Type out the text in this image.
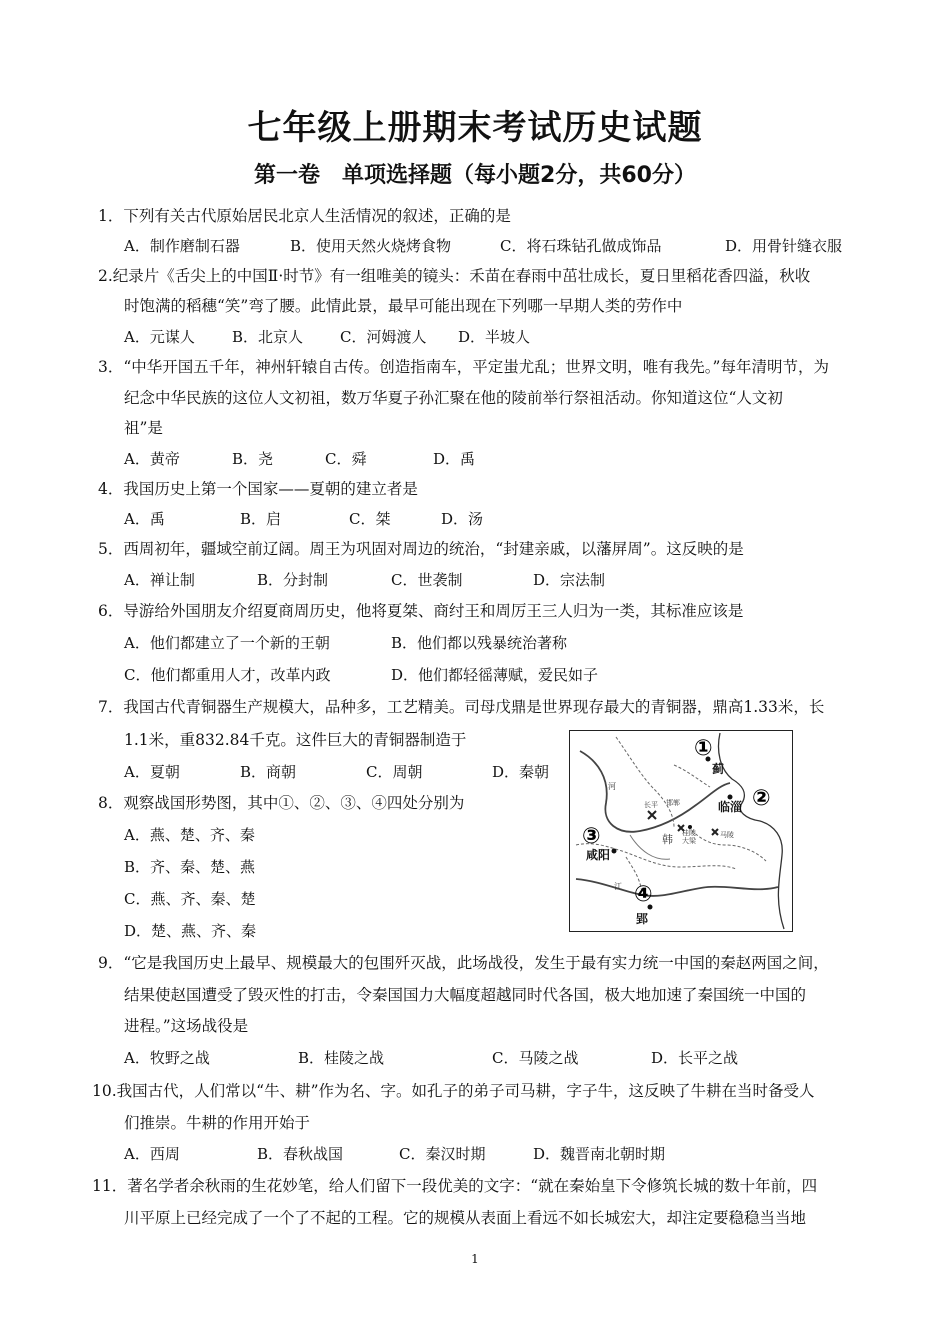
七年级上册期末考试历史试题
第一卷　单项选择题（每小题2分，共60分）
1．下列有关古代原始居民北京人生活情况的叙述，正确的是
A．制作磨制石器	B．使用天然火烧烤食物	C．将石珠钻孔做成饰品	D．用骨针缝衣服
2.纪录片《舌尖上的中国Ⅱ·时节》有一组唯美的镜头：禾苗在春雨中茁壮成长，夏日里稻花香四溢，秋收
时饱满的稻穗“笑”弯了腰。此情此景，最早可能出现在下列哪一早期人类的劳作中
A．元谋人 B．北京人 C．河姆渡人 D．半坡人
3．“中华开国五千年，神州轩辕自古传。创造指南车，平定蚩尤乱；世界文明，唯有我先。”每年清明节，为
纪念中华民族的这位人文初祖，数万华夏子孙汇聚在他的陵前举行祭祖活动。你知道这位“人文初
祖”是
A．黄帝	B．尧	C．舜	D．禹
4．我国历史上第一个国家——夏朝的建立者是
A．禹	B．启	C．桀	D．汤
5．西周初年，疆域空前辽阔。周王为巩固对周边的统治，“封建亲戚，以藩屏周”。这反映的是
A．禅让制	B．分封制	C．世袭制	D．宗法制
6．导游给外国朋友介绍夏商周历史，他将夏桀、商纣王和周厉王三人归为一类，其标准应该是
A．他们都建立了一个新的王朝	B．他们都以残暴统治著称
C．他们都重用人才，改革内政	D．他们都轻徭薄赋，爱民如子
7．我国古代青铜器生产规模大，品种多，工艺精美。司母戊鼎是世界现存最大的青铜器，鼎高1.33米，长
1.1米，重832.84千克。这件巨大的青铜器制造于
A．夏朝	B．商朝	C．周朝	D．秦朝
8．观察战国形势图，其中①、②、③、④四处分别为
A．燕、楚、齐、秦
B．齐、秦、楚、燕
C．燕、齐、秦、楚
D．楚、燕、齐、秦
①
②
③
④
蓟
临淄
咸阳
郢
韩
长平 邯郸
桂陵	马陵
大梁
河
江
9．“它是我国历史上最早、规模最大的包围歼灭战，此场战役，发生于最有实力统一中国的秦赵两国之间，
结果使赵国遭受了毁灭性的打击，令秦国国力大幅度超越同时代各国，极大地加速了秦国统一中国的
进程。”这场战役是
A．牧野之战	B．桂陵之战	C．马陵之战	D．长平之战
10.我国古代，人们常以“牛、耕”作为名、字。如孔子的弟子司马耕，字子牛，这反映了牛耕在当时备受人
们推崇。牛耕的作用开始于
A．西周	B．春秋战国	C．秦汉时期	D．魏晋南北朝时期
11．著名学者余秋雨的生花妙笔，给人们留下一段优美的文字：“就在秦始皇下令修筑长城的数十年前，四
川平原上已经完成了一个了不起的工程。它的规模从表面上看远不如长城宏大，却注定要稳稳当当地
1
